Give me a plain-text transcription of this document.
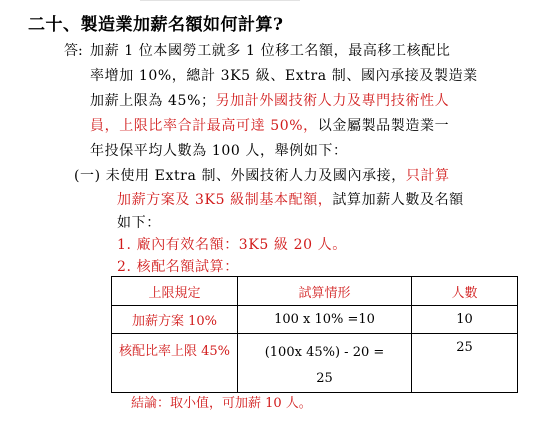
二十、製造業加薪名額如何計算?
答: 加薪 1 位本國勞工就多 1 位移工名額，最高移工核配比
率增加 10%，總計 3K5 級、Extra 制、國內承接及製造業
加薪上限為 45%；另加計外國技術人力及專門技術性人
員，上限比率合計最高可達 50%，以金屬製品製造業一
年投保平均人數為 100 人，舉例如下：
(一) 未使用 Extra 制、外國技術人力及國內承接，只計算
加薪方案及 3K5 級制基本配額，試算加薪人數及名額
如下：
1. 廠內有效名額：3K5 級 20 人。
2. 核配名額試算：
上限規定	試算情形	人數
加薪方案 10%	100 x 10% =10	10
核配比率上限 45%	(100x 45%) - 20 =
25	25
結論：取小值，可加薪 10 人。
